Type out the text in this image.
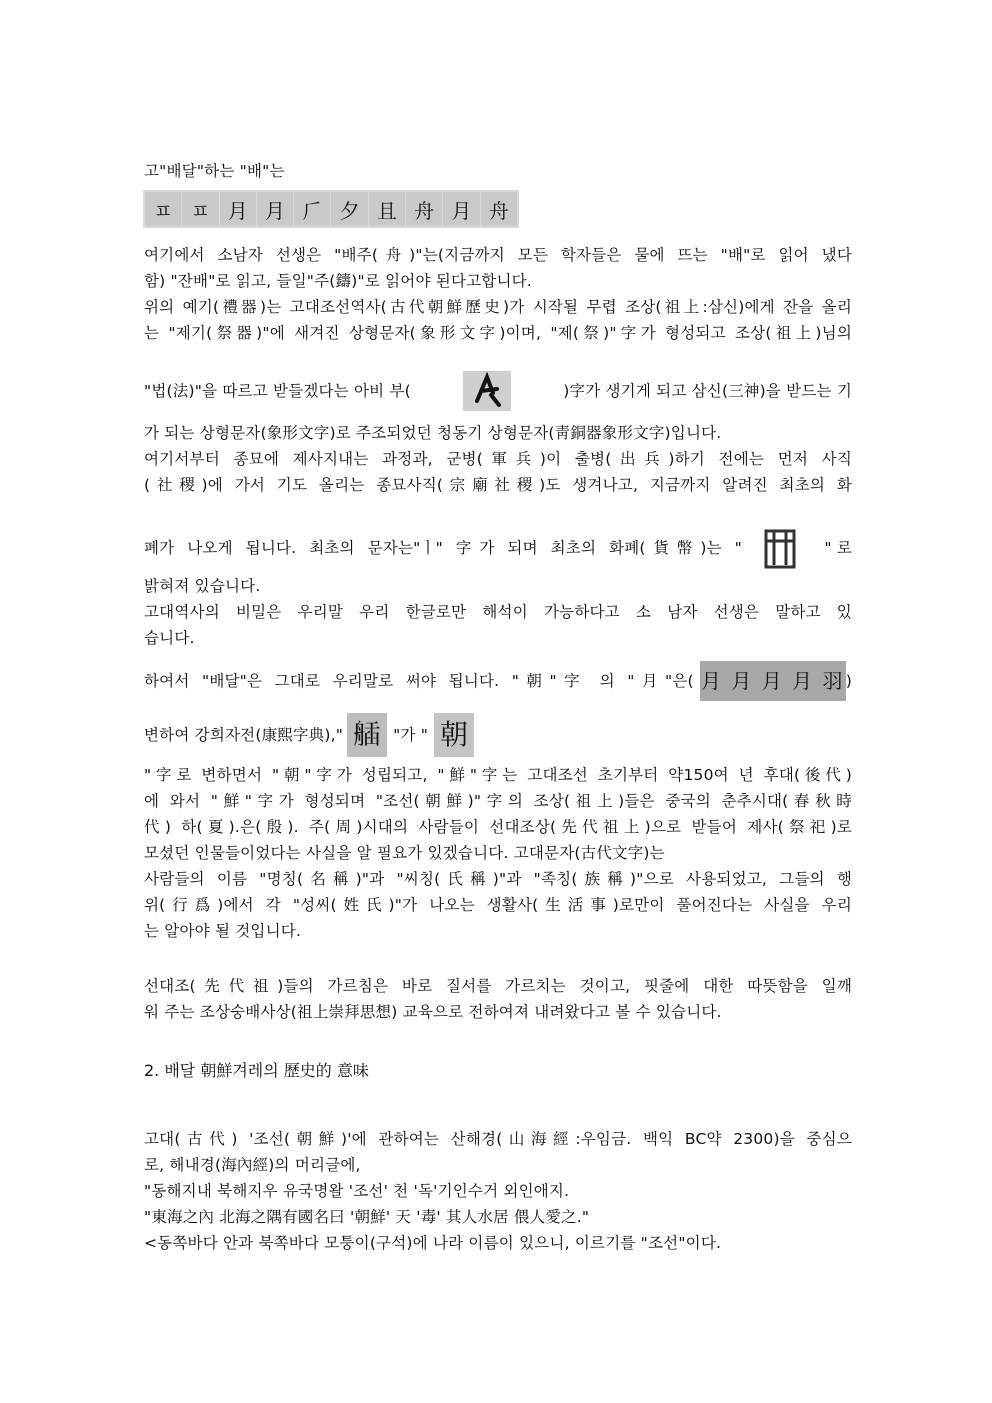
고"배달"하는 "배"는
ㅍ ㅍ 月 月 𠂆 夕 且 舟 月 舟
여기에서 소남자 선생은 "배주(舟)"는(지금까지 모든 학자들은 물에 뜨는 "배"로 읽어 냈다
함) "잔배"로 읽고, 들일"주(鑄)"로 읽어야 된다고합니다.
위의 예기(禮器)는 고대조선역사(古代朝鮮歷史)가 시작될 무렵 조상(祖上:삼신)에게 잔을 올리
는 "제기(祭器)"에 새겨진 상형문자(象形文字)이며, "제(祭)"字가 형성되고 조상(祖上)님의
"법(法)"을 따르고 받들겠다는 아비 부(	)字가 생기게 되고 삼신(三神)을 받드는 기
가 되는 상형문자(象形文字)로 주조되었던 청동기 상형문자(靑銅器象形文字)입니다.
여기서부터 종묘에 제사지내는 과정과, 군병(軍兵)이 출병(出兵)하기 전에는 먼저 사직
(社稷)에 가서 기도 올리는 종묘사직(宗廟社稷)도 생겨나고, 지금까지 알려진 최초의 화
폐가 나오게 됩니다. 최초의 문자는"ㅣ" 字가 되며 최초의 화폐(貨幣)는 "	" 로
밝혀져 있습니다.
고대역사의 비밀은 우리말 우리 한글로만 해석이 가능하다고 소 남자 선생은 말하고 있
습니다.
하여서 "배달"은 그대로 우리말로 써야 됩니다. "朝"字 의 "月"은( 月 月 月 月 羽 )
변하여 강희자전(康熙字典)," 𦩿 "가 " 朝
"字로 변하면서 "朝"字가 성립되고, "鮮"字는 고대조선 초기부터 약150여 년 후대(後代)
에 와서 "鮮"字가 형성되며 "조선(朝鮮)"字의 조상(祖上)들은 중국의 춘추시대(春秋時
代) 하(夏).은(殷). 주(周)시대의 사람들이 선대조상(先代祖上)으로 받들어 제사(祭祀)로
모셨던 인물들이었다는 사실을 알 필요가 있겠습니다. 고대문자(古代文字)는
사람들의 이름 "명칭(名稱)"과 "씨칭(氏稱)"과 "족칭(族稱)"으로 사용되었고, 그들의 행
위(行爲)에서 각 "성씨(姓氏)"가 나오는 생활사(生活事)로만이 풀어진다는 사실을 우리
는 알아야 될 것입니다.
선대조(先代祖)들의 가르침은 바로 질서를 가르치는 것이고, 핏줄에 대한 따뜻함을 일깨
워 주는 조상숭배사상(祖上崇拜思想) 교육으로 전하여져 내려왔다고 볼 수 있습니다.
2. 배달 朝鮮겨레의 歷史的 意味
고대(古代) '조선(朝鮮)'에 관하여는 산해경(山海經:우임금. 백익 BC약 2300)을 중심으
로, 해내경(海內經)의 머리글에,
"동해지내 북해지우 유국명왈 '조선' 천 '독'기인수거 외인애지.
"東海之內 北海之隅有國名曰 '朝鮮' 天 '毒' 其人水居 偎人愛之."
<동쪽바다 안과 북쪽바다 모퉁이(구석)에 나라 이름이 있으니, 이르기를 "조선"이다.
